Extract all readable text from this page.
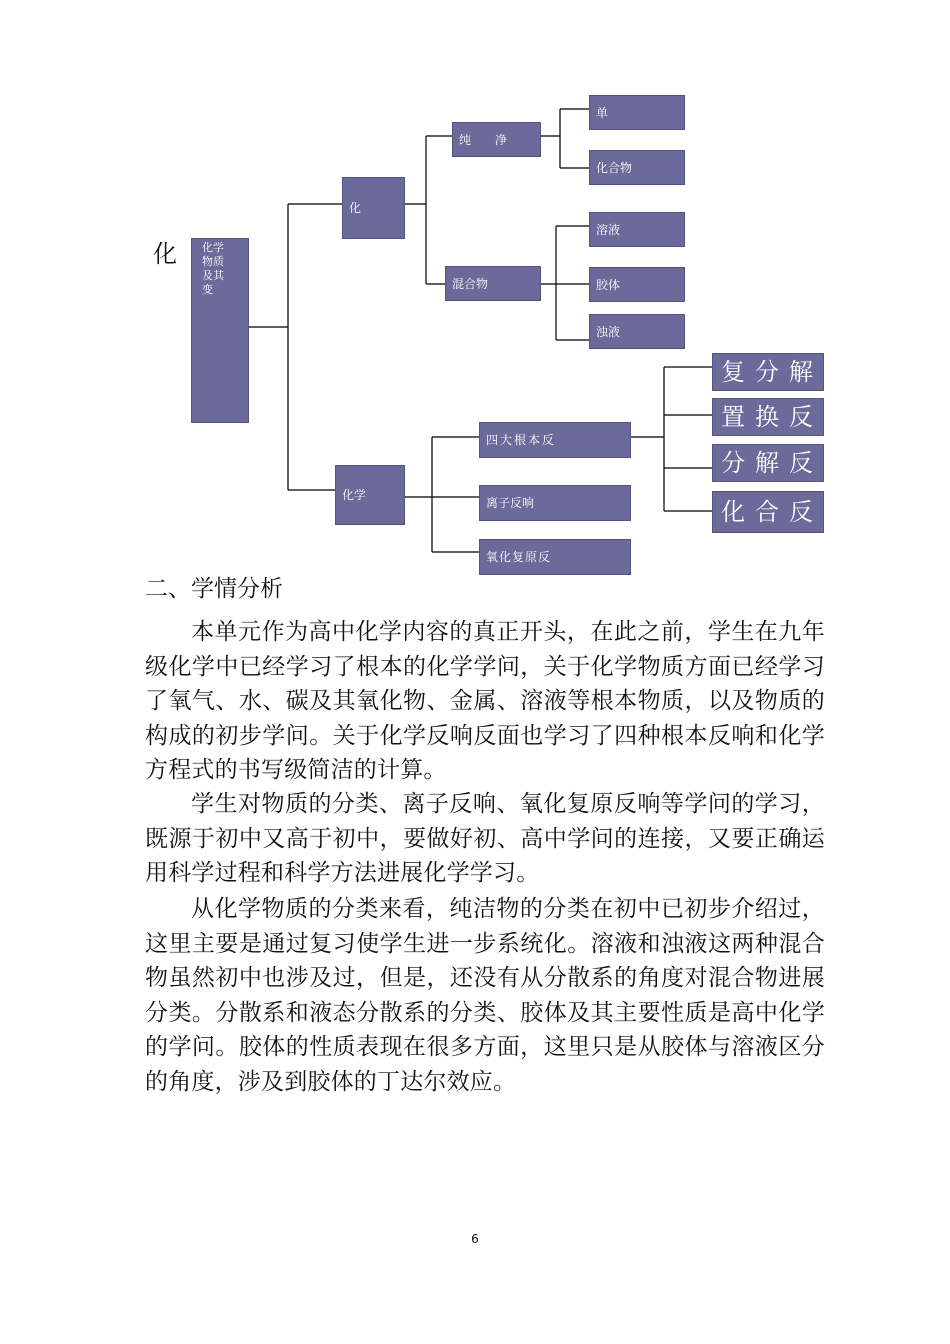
化 化学物质及其变
化
纯　　净
单
化合物
混合物
溶液
胶体
浊液
化学
四大根本反
离子反响
氧化复原反
复分解
置换反
分解反
化合反
二、学情分析

本单元作为高中化学内容的真正开头，在此之前，学生在九年级化学中已经学习了根本的化学学问，关于化学物质方面已经学习了氧气、水、碳及其氧化物、金属、溶液等根本物质，以及物质的构成的初步学问。关于化学反响反面也学习了四种根本反响和化学方程式的书写级简洁的计算。

学生对物质的分类、离子反响、氧化复原反响等学问的学习，既源于初中又高于初中，要做好初、高中学问的连接，又要正确运用科学过程和科学方法进展化学学习。

从化学物质的分类来看，纯洁物的分类在初中已初步介绍过，这里主要是通过复习使学生进一步系统化。溶液和浊液这两种混合物虽然初中也涉及过，但是，还没有从分散系的角度对混合物进展分类。分散系和液态分散系的分类、胶体及其主要性质是高中化学的学问。胶体的性质表现在很多方面，这里只是从胶体与溶液区分的角度，涉及到胶体的丁达尔效应。

6
